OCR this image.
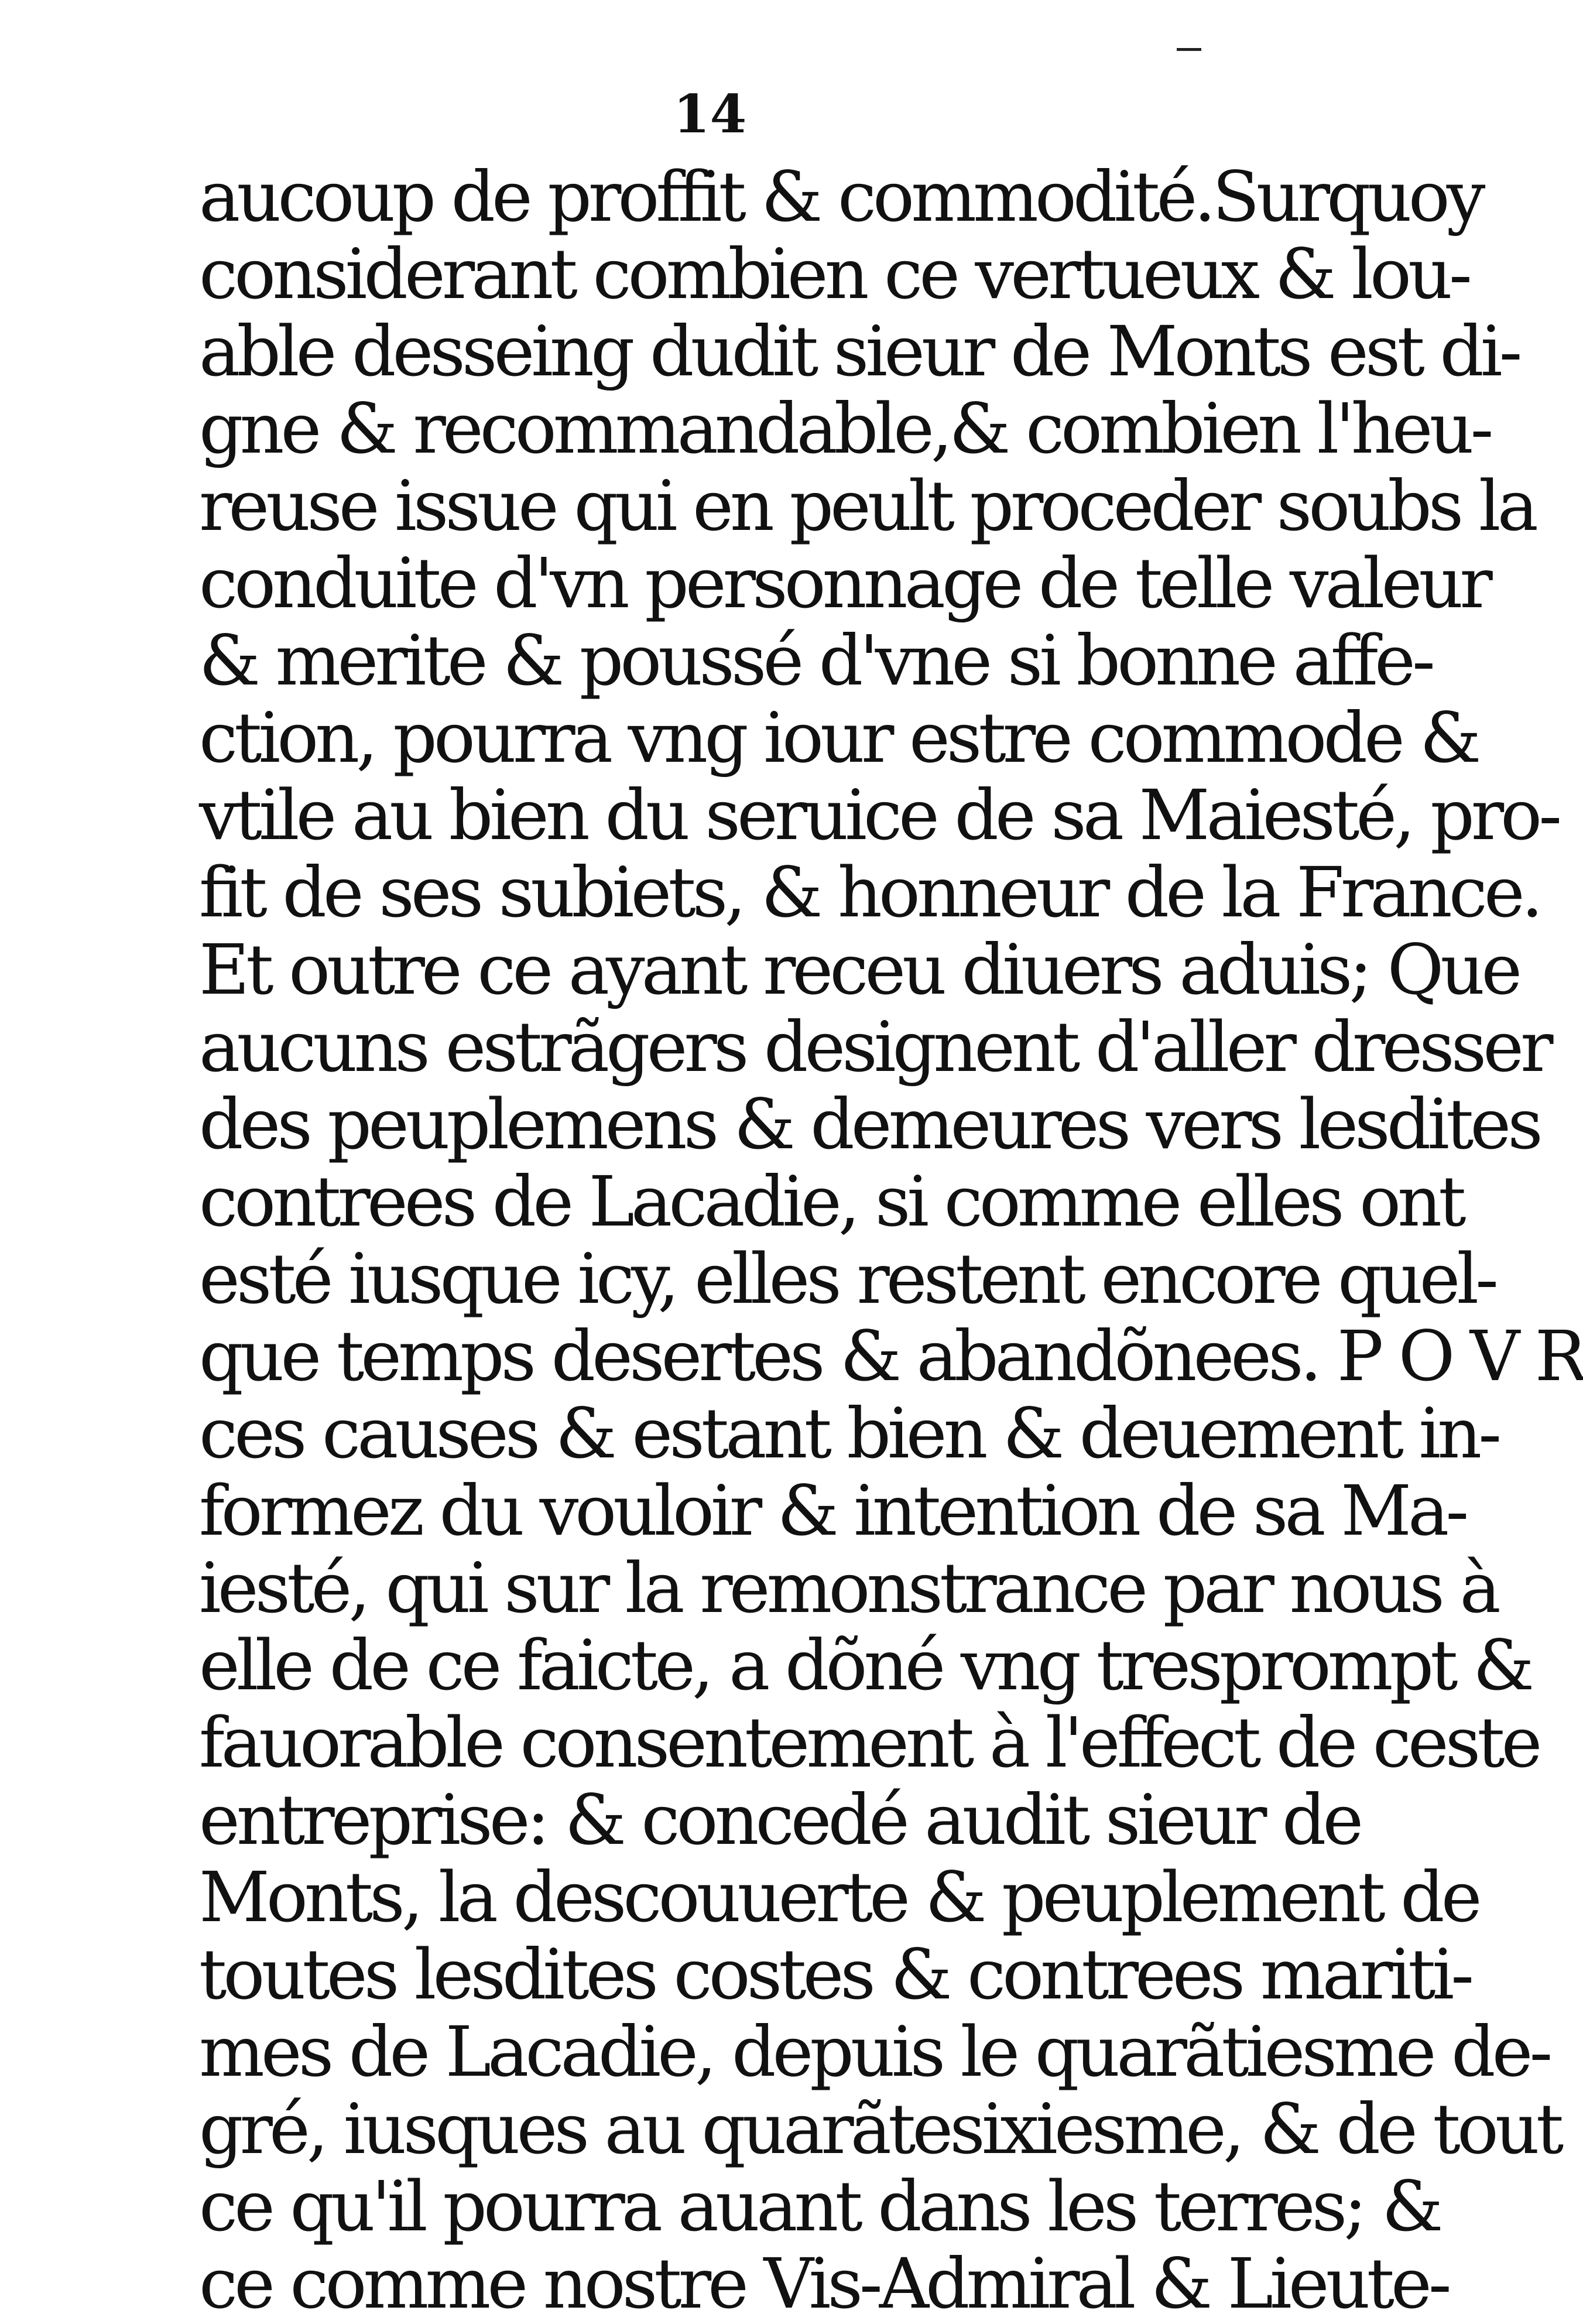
14
aucoup de proffit & commodité.Surquoy
considerant combien ce vertueux & lou-
able desseing dudit sieur de Monts est di-
gne & recommandable,& combien l'heu-
reuse issue qui en peult proceder soubs la
conduite d'vn personnage de telle valeur
& merite & poussé d'vne si bonne affe-
ction, pourra vng iour estre commode &
vtile au bien du seruice de sa Maiesté, pro-
fit de ses subiets, & honneur de la France.
Et outre ce ayant receu diuers aduis; Que
aucuns estrãgers designent d'aller dresser
des peuplemens & demeures vers lesdites
contrees de Lacadie, si comme elles ont
esté iusque icy, elles restent encore quel-
que temps desertes & abandõnees. P O V R
ces causes & estant bien & deuement in-
formez du vouloir & intention de sa Ma-
iesté, qui sur la remonstrance par nous à
elle de ce faicte, a dõné vng tresprompt &
fauorable consentement à l'effect de ceste
entreprise: & concedé audit sieur de
Monts, la descouuerte & peuplement de
toutes lesdites costes & contrees mariti-
mes de Lacadie, depuis le quarãtiesme de-
gré, iusques au quarãtesixiesme, & de tout
ce qu'il pourra auant dans les terres; &
ce comme nostre Vis-Admiral & Lieute-
